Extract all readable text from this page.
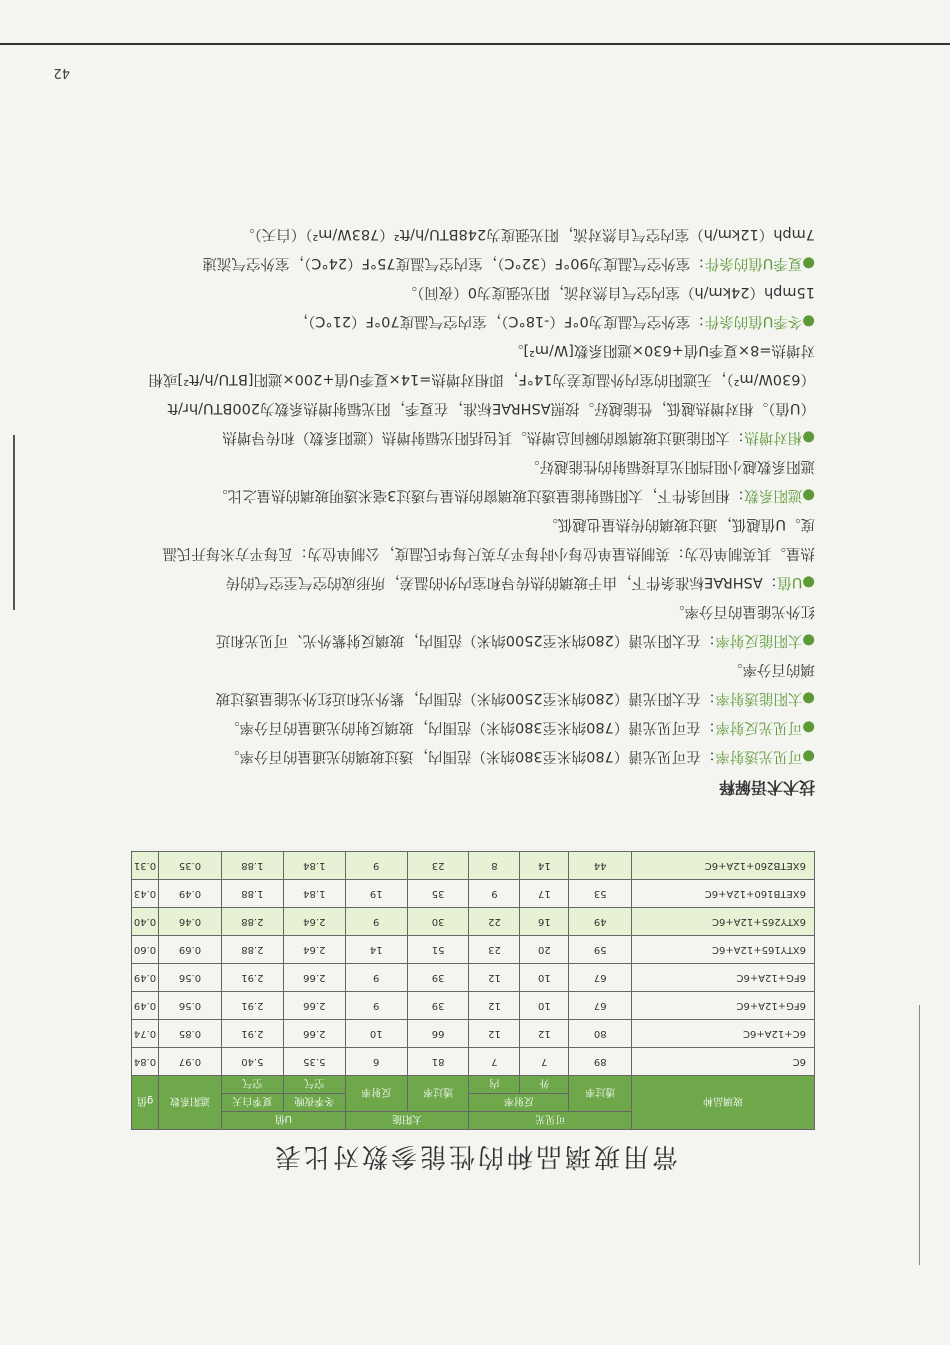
常用玻璃品种的性能参数对比表
玻璃品种	可见光			太阳能		U值		遮阳系数	g值
	透过率	反射率		透过率	反射率	冬季夜晚	夏季白天		
		外	内			空气	空气		
6C	89	7	7	81	6	5.35	5.40	0.97	0.84
6C+12A+6C	80	12	12	66	10	2.66	2.91	0.85	0.74
6FG+12A+6C	67	10	12	39	9	2.66	2.91	0.56	0.49
6FG+12A+6C	67	10	12	39	9	2.66	2.91	0.56	0.49
6XTY165+12A+6C	59	20	23	51	14	2.64	2.88	0.69	0.60
6XTY265+12A+6C	49	16	22	30	9	2.64	2.88	0.46	0.40
6XETB160+12A+6C	53	17	9	35	19	1.84	1.88	0.49	0.43
6XETB260+12A+6C	44	14	8	23	9	1.84	1.88	0.35	0.31
技术术语解释

●可见光透射率：在可见光谱（780纳米至380纳米）范围内，透过玻璃的光通量的百分率。

●可见光反射率：在可见光谱（780纳米至380纳米）范围内，玻璃反射的光通量的百分率。

●太阳能透射率：在太阳光谱（280纳米至2500纳米）范围内，紫外光和近红外光能量透过玻
璃的百分率。

●太阳能反射率：在太阳光谱（280纳米至2500纳米）范围内，玻璃反射紫外光、可见光和近
红外光能量的百分率。

●U值：ASHRAE标准条件下，由于玻璃的热传导和室内外的温差，所形成的空气至空气的传
热量。其英制单位为：英制热量单位每小时每平方英尺每华氏温度，公制单位为：瓦每平方米每开氏温度。U值越低，通过玻璃的传热量也越低。

●遮阳系数：相同条件下，太阳辐射能量透过玻璃窗的热量与透过3毫米透明玻璃的热量之比。
遮阳系数越小阻挡阳光直接辐射的性能越好。

●相对增热：太阳能通过玻璃窗的瞬间总增热。其包括阳光辐射增热（遮阳系数）和传导增热
（U值）。相对增热越低，性能越好。按照ASHRAE标准，在夏季，阳光辐射增热系数为200BTU/hr/ft（630W/m²），无遮阳的室内外温度差为14°F，即相对增热=14×夏季U值+200×遮阳[BTU/h/ft²]或相对增热=8×夏季U值+630×遮阳系数[W/m²]。

●冬季U值的条件：室外空气温度为0°F（-18°C），室内空气温度70°F（21°C），
15mph（24km/h）室内空气自然对流，阳光强度为0（夜间）。

●夏季U值的条件：室外空气温度为90°F（32°C），室内空气温度75°F（24°C），室外空气流速
7mph（12km/h）室内空气自然对流，阳光强度为248BTU/h/ft²（783W/m²）（白天）。

42
